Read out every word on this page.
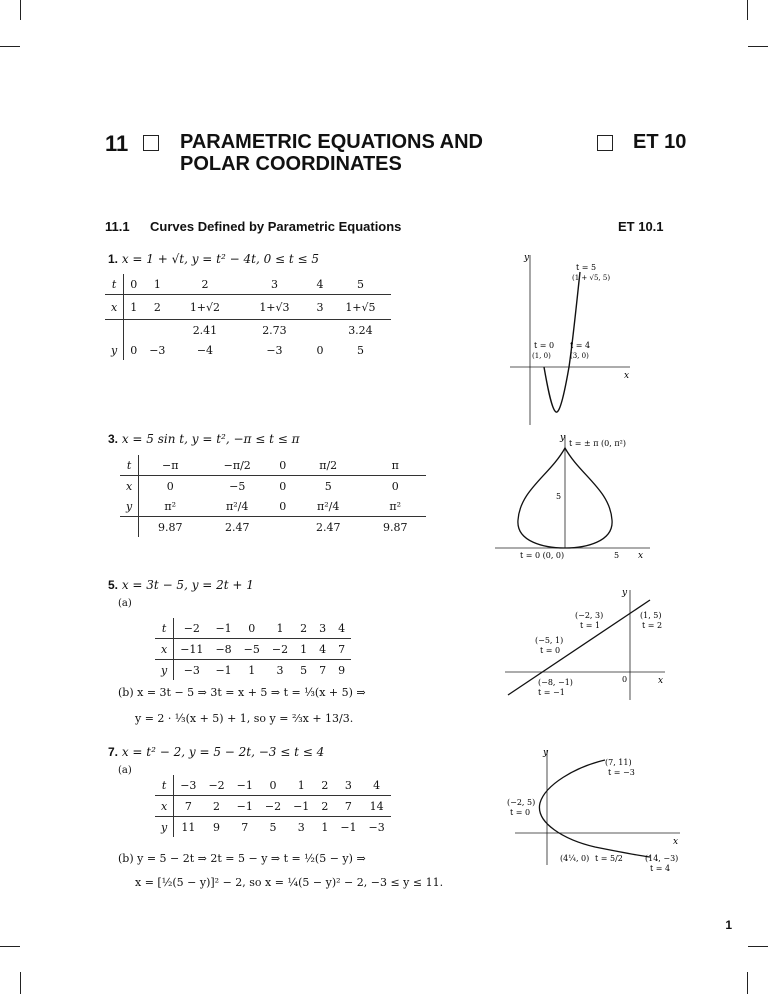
11	PARAMETRIC EQUATIONS AND
POLAR COORDINATES
ET 10
11.1 Curves Defined by Parametric Equations	ET 10.1
1. x = 1 + √t, y = t² − 4t, 0 ≤ t ≤ 5
t	0	1	2	3	4	5
x	1	2	1+√2	1+√3	3	1+√5
			2.41	2.73		3.24
y	0	−3	−4	−3	0	5
y
x
t = 5
(1 + √5, 5)
t = 0
(1, 0)
t = 4
(3, 0)
3. x = 5 sin t, y = t², −π ≤ t ≤ π
t	−π	−π/2	0	π/2	π
x	0	−5	0	5	0
y	π²	π²/4	0	π²/4	π²
	9.87	2.47		2.47	9.87
y
x
t = ± π (0, π²)
5
5
t = 0 (0, 0)
5. x = 3t − 5, y = 2t + 1
(a)
t	−2	−1	0	1	2	3	4
x	−11	−8	−5	−2	1	4	7
y	−3	−1	1	3	5	7	9
(b) x = 3t − 5 ⇒ 3t = x + 5 ⇒ t = ⅓(x + 5) ⇒
y = 2 · ⅓(x + 5) + 1, so y = ⅔x + 13/3.
y
x
0
(−2, 3)
t = 1
(1, 5)
t = 2
(−5, 1)
t = 0
(−8, −1)
t = −1
7. x = t² − 2, y = 5 − 2t, −3 ≤ t ≤ 4
(a)
t	−3	−2	−1	0	1	2	3	4
x	7	2	−1	−2	−1	2	7	14
y	11	9	7	5	3	1	−1	−3
(b) y = 5 − 2t ⇒ 2t = 5 − y ⇒ t = ½(5 − y) ⇒
x = [½(5 − y)]² − 2, so x = ¼(5 − y)² − 2, −3 ≤ y ≤ 11.
y
x
(7, 11)
t = −3
(−2, 5)
t = 0
(4¼, 0) t = 5/2	(14, −3)
t = 4
1
